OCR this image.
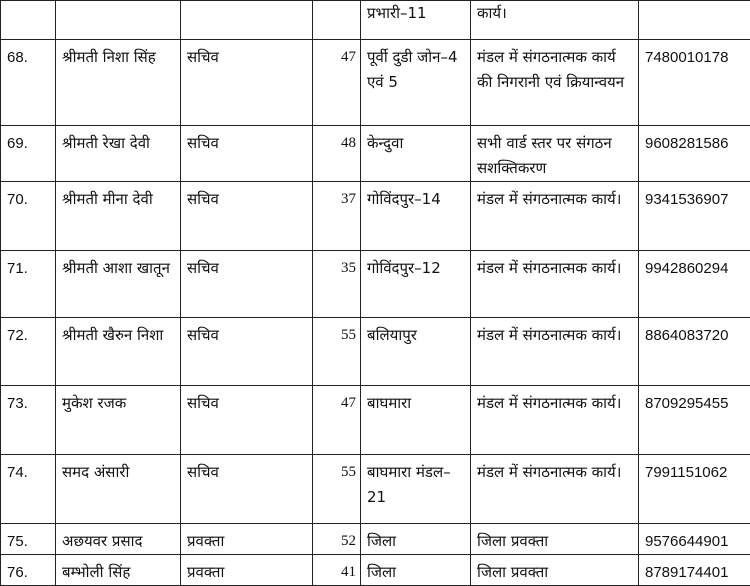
				प्रभारी–11	कार्य।	
68.	श्रीमती निशा सिंह	सचिव	47	पूर्वी दुडी जोन–4 एवं 5	मंडल में संगठनात्मक कार्य की निगरानी एवं क्रियान्वयन	7480010178
69.	श्रीमती रेखा देवी	सचिव	48	केन्दुवा	सभी वार्ड स्तर पर संगठन सशक्तिकरण	9608281586
70.	श्रीमती मीना देवी	सचिव	37	गोविंदपुर–14	मंडल में संगठनात्मक कार्य।	9341536907
71.	श्रीमती आशा खातून	सचिव	35	गोविंदपुर–12	मंडल में संगठनात्मक कार्य।	9942860294
72.	श्रीमती खैरुन निशा	सचिव	55	बलियापुर	मंडल में संगठनात्मक कार्य।	8864083720
73.	मुकेश रजक	सचिव	47	बाघमारा	मंडल में संगठनात्मक कार्य।	8709295455
74.	समद अंसारी	सचिव	55	बाघमारा मंडल–21	मंडल में संगठनात्मक कार्य।	7991151062
75.	अछयवर प्रसाद	प्रवक्ता	52	जिला	जिला प्रवक्ता	9576644901
76.	बम्भोली सिंह	प्रवक्ता	41	जिला	जिला प्रवक्ता	8789174401
